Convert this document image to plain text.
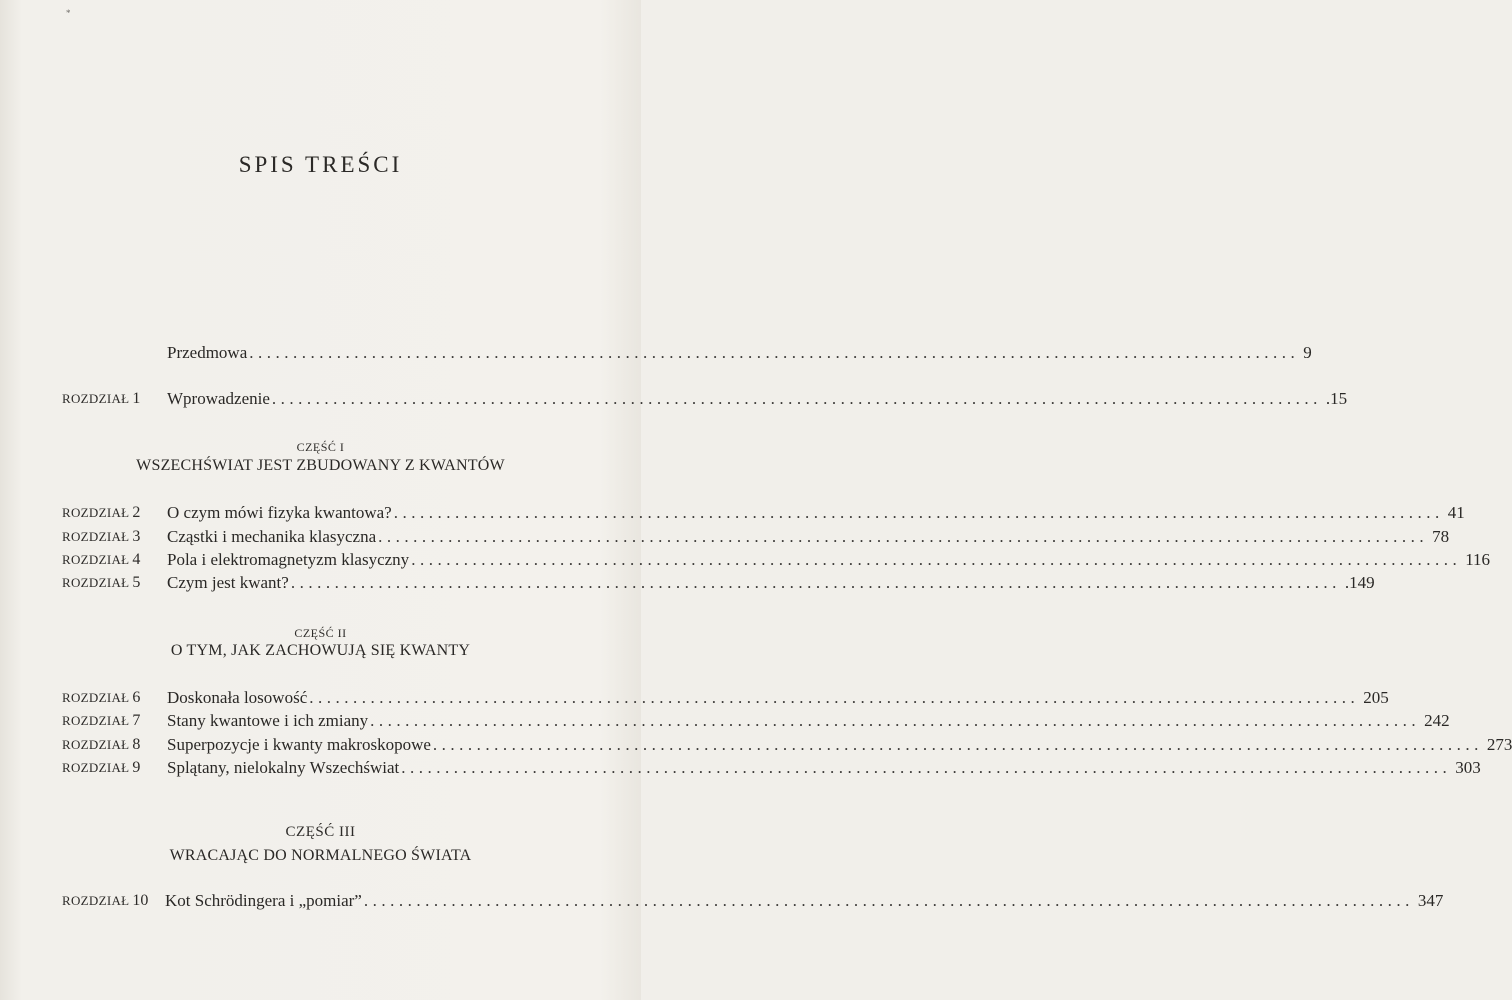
*
SPIS TREŚCI
Przedmowa ........................................................................................................................ 9
ROZDZIAŁ 1 Wprowadzenie ........................................................................................................................ .15
CZĘŚĆ I
WSZECHŚWIAT JEST ZBUDOWANY Z KWANTÓW
ROZDZIAŁ 2 O czym mówi fizyka kwantowa? ........................................................................................................................ 41
ROZDZIAŁ 3 Cząstki i mechanika klasyczna ........................................................................................................................ 78
ROZDZIAŁ 4 Pola i elektromagnetyzm klasyczny ........................................................................................................................ 116
ROZDZIAŁ 5 Czym jest kwant? ........................................................................................................................ .149
CZĘŚĆ II
O TYM, JAK ZACHOWUJĄ SIĘ KWANTY
ROZDZIAŁ 6 Doskonała losowość ........................................................................................................................ 205
ROZDZIAŁ 7 Stany kwantowe i ich zmiany ........................................................................................................................ 242
ROZDZIAŁ 8 Superpozycje i kwanty makroskopowe ........................................................................................................................ 273
ROZDZIAŁ 9 Splątany, nielokalny Wszechświat ........................................................................................................................ 303
CZĘŚĆ III
WRACAJĄC DO NORMALNEGO ŚWIATA
ROZDZIAŁ 10 Kot Schrödingera i „pomiar” ........................................................................................................................ 347
